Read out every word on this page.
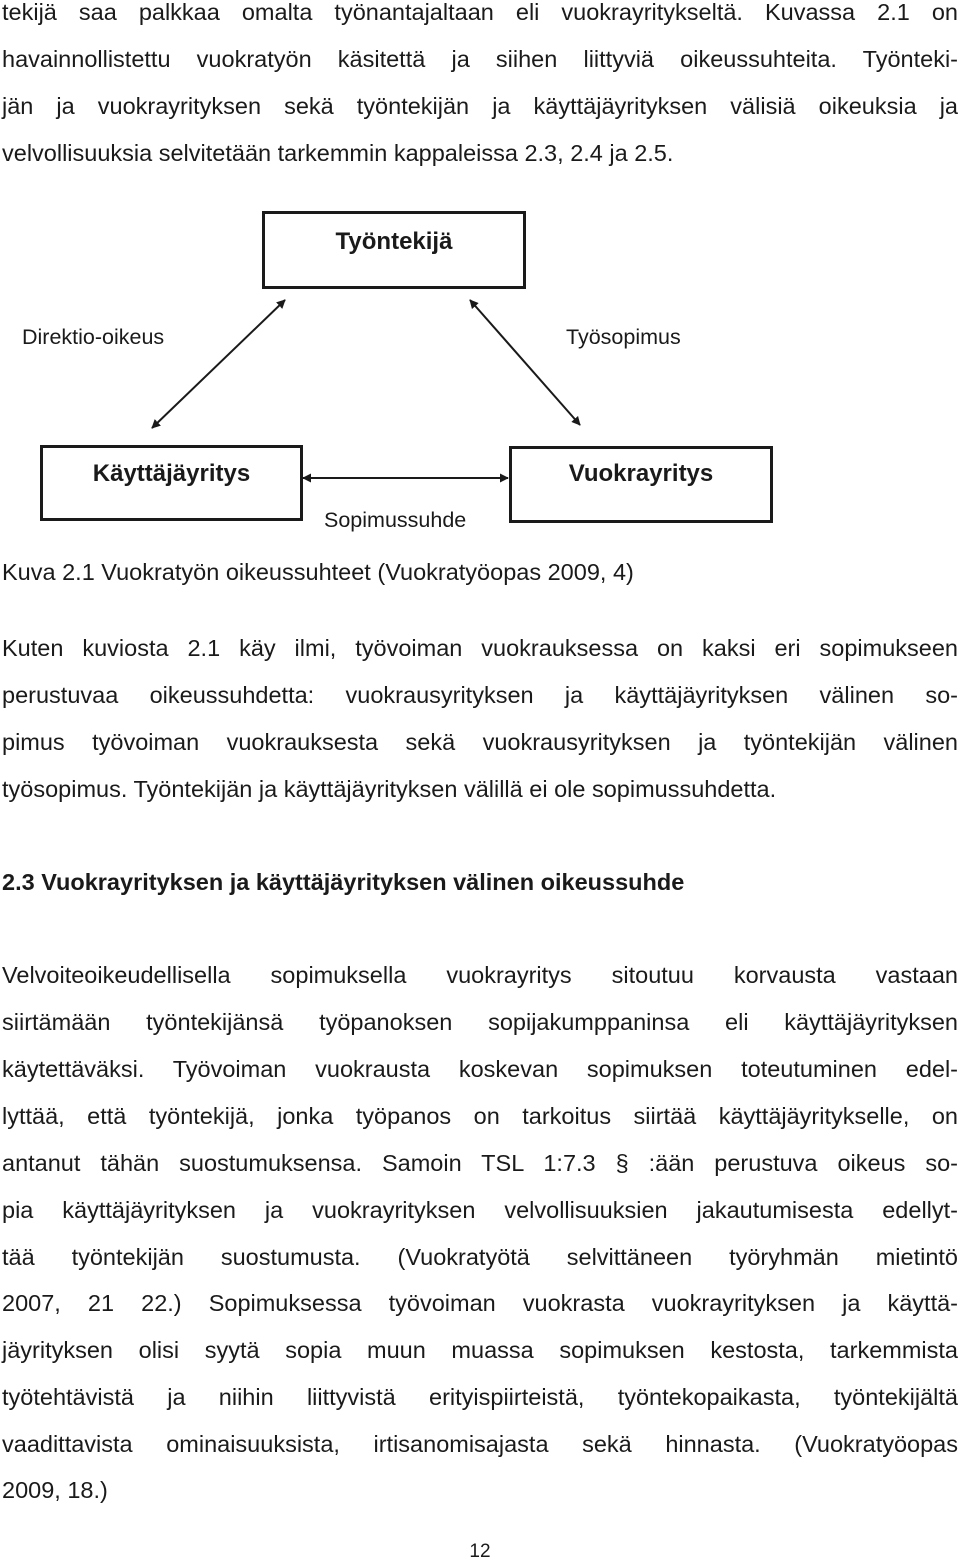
tekijä saa palkkaa omalta työnantajaltaan eli vuokrayritykseltä. Kuvassa 2.1 on
havainnollistettu vuokratyön käsitettä ja siihen liittyviä oikeussuhteita. Työnteki-
jän ja vuokrayrityksen sekä työntekijän ja käyttäjäyrityksen välisiä oikeuksia ja
velvollisuuksia selvitetään tarkemmin kappaleissa 2.3, 2.4 ja 2.5.
Työntekijä
Käyttäjäyritys	Vuokrayritys
Direktio-oikeus	Työsopimus
Sopimussuhde
Kuva 2.1 Vuokratyön oikeussuhteet (Vuokratyöopas 2009, 4)
Kuten kuviosta 2.1 käy ilmi, työvoiman vuokrauksessa on kaksi eri sopimukseen
perustuvaa oikeussuhdetta: vuokrausyrityksen ja käyttäjäyrityksen välinen so-
pimus työvoiman vuokrauksesta sekä vuokrausyrityksen ja työntekijän välinen
työsopimus. Työntekijän ja käyttäjäyrityksen välillä ei ole sopimussuhdetta.
2.3 Vuokrayrityksen ja käyttäjäyrityksen välinen oikeussuhde
Velvoiteoikeudellisella sopimuksella vuokrayritys sitoutuu korvausta vastaan
siirtämään työntekijänsä työpanoksen sopijakumppaninsa eli käyttäjäyrityksen
käytettäväksi. Työvoiman vuokrausta koskevan sopimuksen toteutuminen edel-
lyttää, että työntekijä, jonka työpanos on tarkoitus siirtää käyttäjäyritykselle, on
antanut tähän suostumuksensa. Samoin TSL 1:7.3 § :ään perustuva oikeus so-
pia käyttäjäyrityksen ja vuokrayrityksen velvollisuuksien jakautumisesta edellyt-
tää työntekijän suostumusta. (Vuokratyötä selvittäneen työryhmän mietintö
2007, 21 22.) Sopimuksessa työvoiman vuokrasta vuokrayrityksen ja käyttä-
jäyrityksen olisi syytä sopia muun muassa sopimuksen kestosta, tarkemmista
työtehtävistä ja niihin liittyvistä erityispiirteistä, työntekopaikasta, työntekijältä
vaadittavista ominaisuuksista, irtisanomisajasta sekä hinnasta. (Vuokratyöopas
2009, 18.)
12
